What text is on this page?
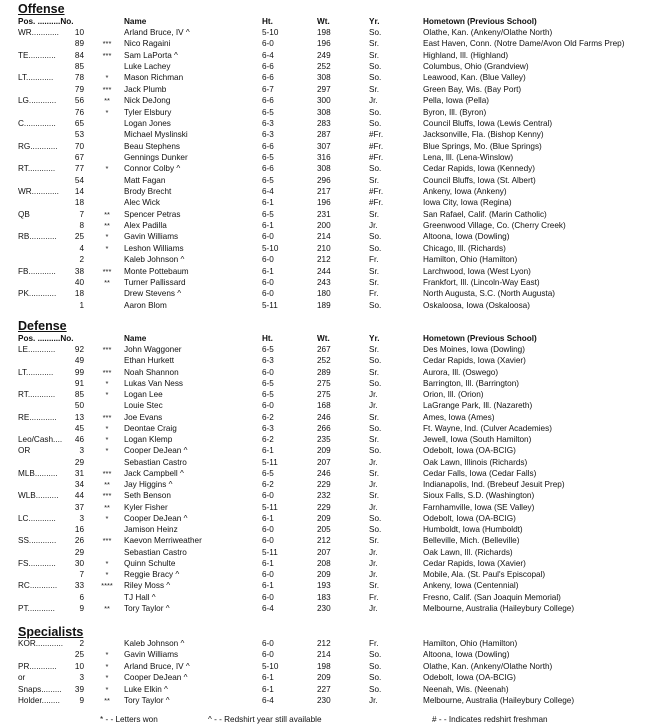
Offense
Pos. ..........No.	Name	Ht.	Wt.	Yr.	Hometown (Previous School)
WR............	10	Arland Bruce, IV ^	5-10	198	So.	Olathe, Kan. (Ankeny/Olathe North)
89	***	Nico Ragaini	6-0	196	Sr.	East Haven, Conn. (Notre Dame/Avon Old Farms Prep)
TE............	84	***	Sam LaPorta ^	6-4	249	Sr.	Highland, Ill. (Highland)
85	Luke Lachey	6-6	252	So.	Columbus, Ohio (Grandview)
LT............	78	*	Mason Richman	6-6	308	So.	Leawood, Kan. (Blue Valley)
79	***	Jack Plumb	6-7	297	Sr.	Green Bay, Wis. (Bay Port)
LG............	56	**	Nick DeJong	6-6	300	Jr.	Pella, Iowa (Pella)
76	*	Tyler Elsbury	6-5	308	So.	Byron, Ill. (Byron)
C..............	65	Logan Jones	6-3	283	So.	Council Bluffs, Iowa (Lewis Central)
53	Michael Myslinski	6-3	287	#Fr.	Jacksonville, Fla. (Bishop Kenny)
RG............	70	Beau Stephens	6-6	307	#Fr.	Blue Springs, Mo. (Blue Springs)
67	Gennings Dunker	6-5	316	#Fr.	Lena, Ill. (Lena-Winslow)
RT............	77	*	Connor Colby ^	6-6	308	So.	Cedar Rapids, Iowa (Kennedy)
54	Matt Fagan	6-5	296	Sr.	Council Bluffs, Iowa (St. Albert)
WR............	14	Brody Brecht	6-4	217	#Fr.	Ankeny, Iowa (Ankeny)
18	Alec Wick	6-1	196	#Fr.	Iowa City, Iowa (Regina)
QB	7	**	Spencer Petras	6-5	231	Sr.	San Rafael, Calif. (Marin Catholic)
8	**	Alex Padilla	6-1	200	Jr.	Greenwood Village, Co. (Cherry Creek)
RB............	25	*	Gavin Williams	6-0	214	So.	Altoona, Iowa (Dowling)
4	*	Leshon Williams	5-10	210	So.	Chicago, Ill. (Richards)
2	Kaleb Johnson ^	6-0	212	Fr.	Hamilton, Ohio (Hamilton)
FB............	38	***	Monte Pottebaum	6-1	244	Sr.	Larchwood, Iowa (West Lyon)
40	**	Turner Pallissard	6-0	243	Sr.	Frankfort, Ill. (Lincoln-Way East)
PK............	18	Drew Stevens ^	6-0	180	Fr.	North Augusta, S.C. (North Augusta)
1	Aaron Blom	5-11	189	So.	Oskaloosa, Iowa (Oskaloosa)
Defense
Pos. ..........No.	Name	Ht.	Wt.	Yr.	Hometown (Previous School)
LE............	92	***	John Waggoner	6-5	267	Sr.	Des Moines, Iowa (Dowling)
49	Ethan Hurkett	6-3	252	So.	Cedar Rapids, Iowa (Xavier)
LT............	99	***	Noah Shannon	6-0	289	Sr.	Aurora, Ill. (Oswego)
91	*	Lukas Van Ness	6-5	275	So.	Barrington, Ill. (Barrington)
RT............	85	*	Logan Lee	6-5	275	Jr.	Orion, Ill. (Orion)
50	Louie Stec	6-0	168	Jr.	LaGrange Park, Ill. (Nazareth)
RE............	13	***	Joe Evans	6-2	246	Sr.	Ames, Iowa (Ames)
45	*	Deontae Craig	6-3	266	So.	Ft. Wayne, Ind. (Culver Academies)
Leo/Cash....	46	*	Logan Klemp	6-2	235	Sr.	Jewell, Iowa (South Hamilton)
OR	3	*	Cooper DeJean ^	6-1	209	So.	Odebolt, Iowa (OA-BCIG)
29	Sebastian Castro	5-11	207	Jr.	Oak Lawn, Illinois (Richards)
MLB..........	31	***	Jack Campbell ^	6-5	246	Sr.	Cedar Falls, Iowa (Cedar Falls)
34	**	Jay Higgins ^	6-2	229	Jr.	Indianapolis, Ind. (Brebeuf Jesuit Prep)
WLB..........	44	***	Seth Benson	6-0	232	Sr.	Sioux Falls, S.D. (Washington)
37	**	Kyler Fisher	5-11	229	Jr.	Farnhamville, Iowa (SE Valley)
LC............	3	*	Cooper DeJean ^	6-1	209	So.	Odebolt, Iowa (OA-BCIG)
16	Jamison Heinz	6-0	205	So.	Humboldt, Iowa (Humboldt)
SS............	26	***	Kaevon Merriweather	6-0	212	Sr.	Belleville, Mich. (Belleville)
29	Sebastian Castro	5-11	207	Jr.	Oak Lawn, Ill. (Richards)
FS............	30	*	Quinn Schulte	6-1	208	Jr.	Cedar Rapids, Iowa (Xavier)
7	*	Reggie Bracy ^	6-0	209	Jr.	Mobile, Ala. (St. Paul's Episcopal)
RC............	33	****	Riley Moss ^	6-1	193	Sr.	Ankeny, Iowa (Centennial)
6	TJ Hall ^	6-0	183	Fr.	Fresno, Calif. (San Joaquin Memorial)
PT............	9	**	Tory Taylor ^	6-4	230	Jr.	Melbourne, Australia (Haileybury College)
Specialists
KOR............	2	Kaleb Johnson ^	6-0	212	Fr.	Hamilton, Ohio (Hamilton)
25	*	Gavin Williams	6-0	214	So.	Altoona, Iowa (Dowling)
PR............	10	*	Arland Bruce, IV ^	5-10	198	So.	Olathe, Kan. (Ankeny/Olathe North)
or	3	*	Cooper DeJean ^	6-1	209	So.	Odebolt, Iowa (OA-BCIG)
Snaps.........	39	*	Luke Elkin ^	6-1	227	So.	Neenah, Wis. (Neenah)
Holder........	9	**	Tory Taylor ^	6-4	230	Jr.	Melbourne, Australia (Haileybury College)
* - - Letters won	^ - - Redshirt year still available	# - - Indicates redshirt freshman
